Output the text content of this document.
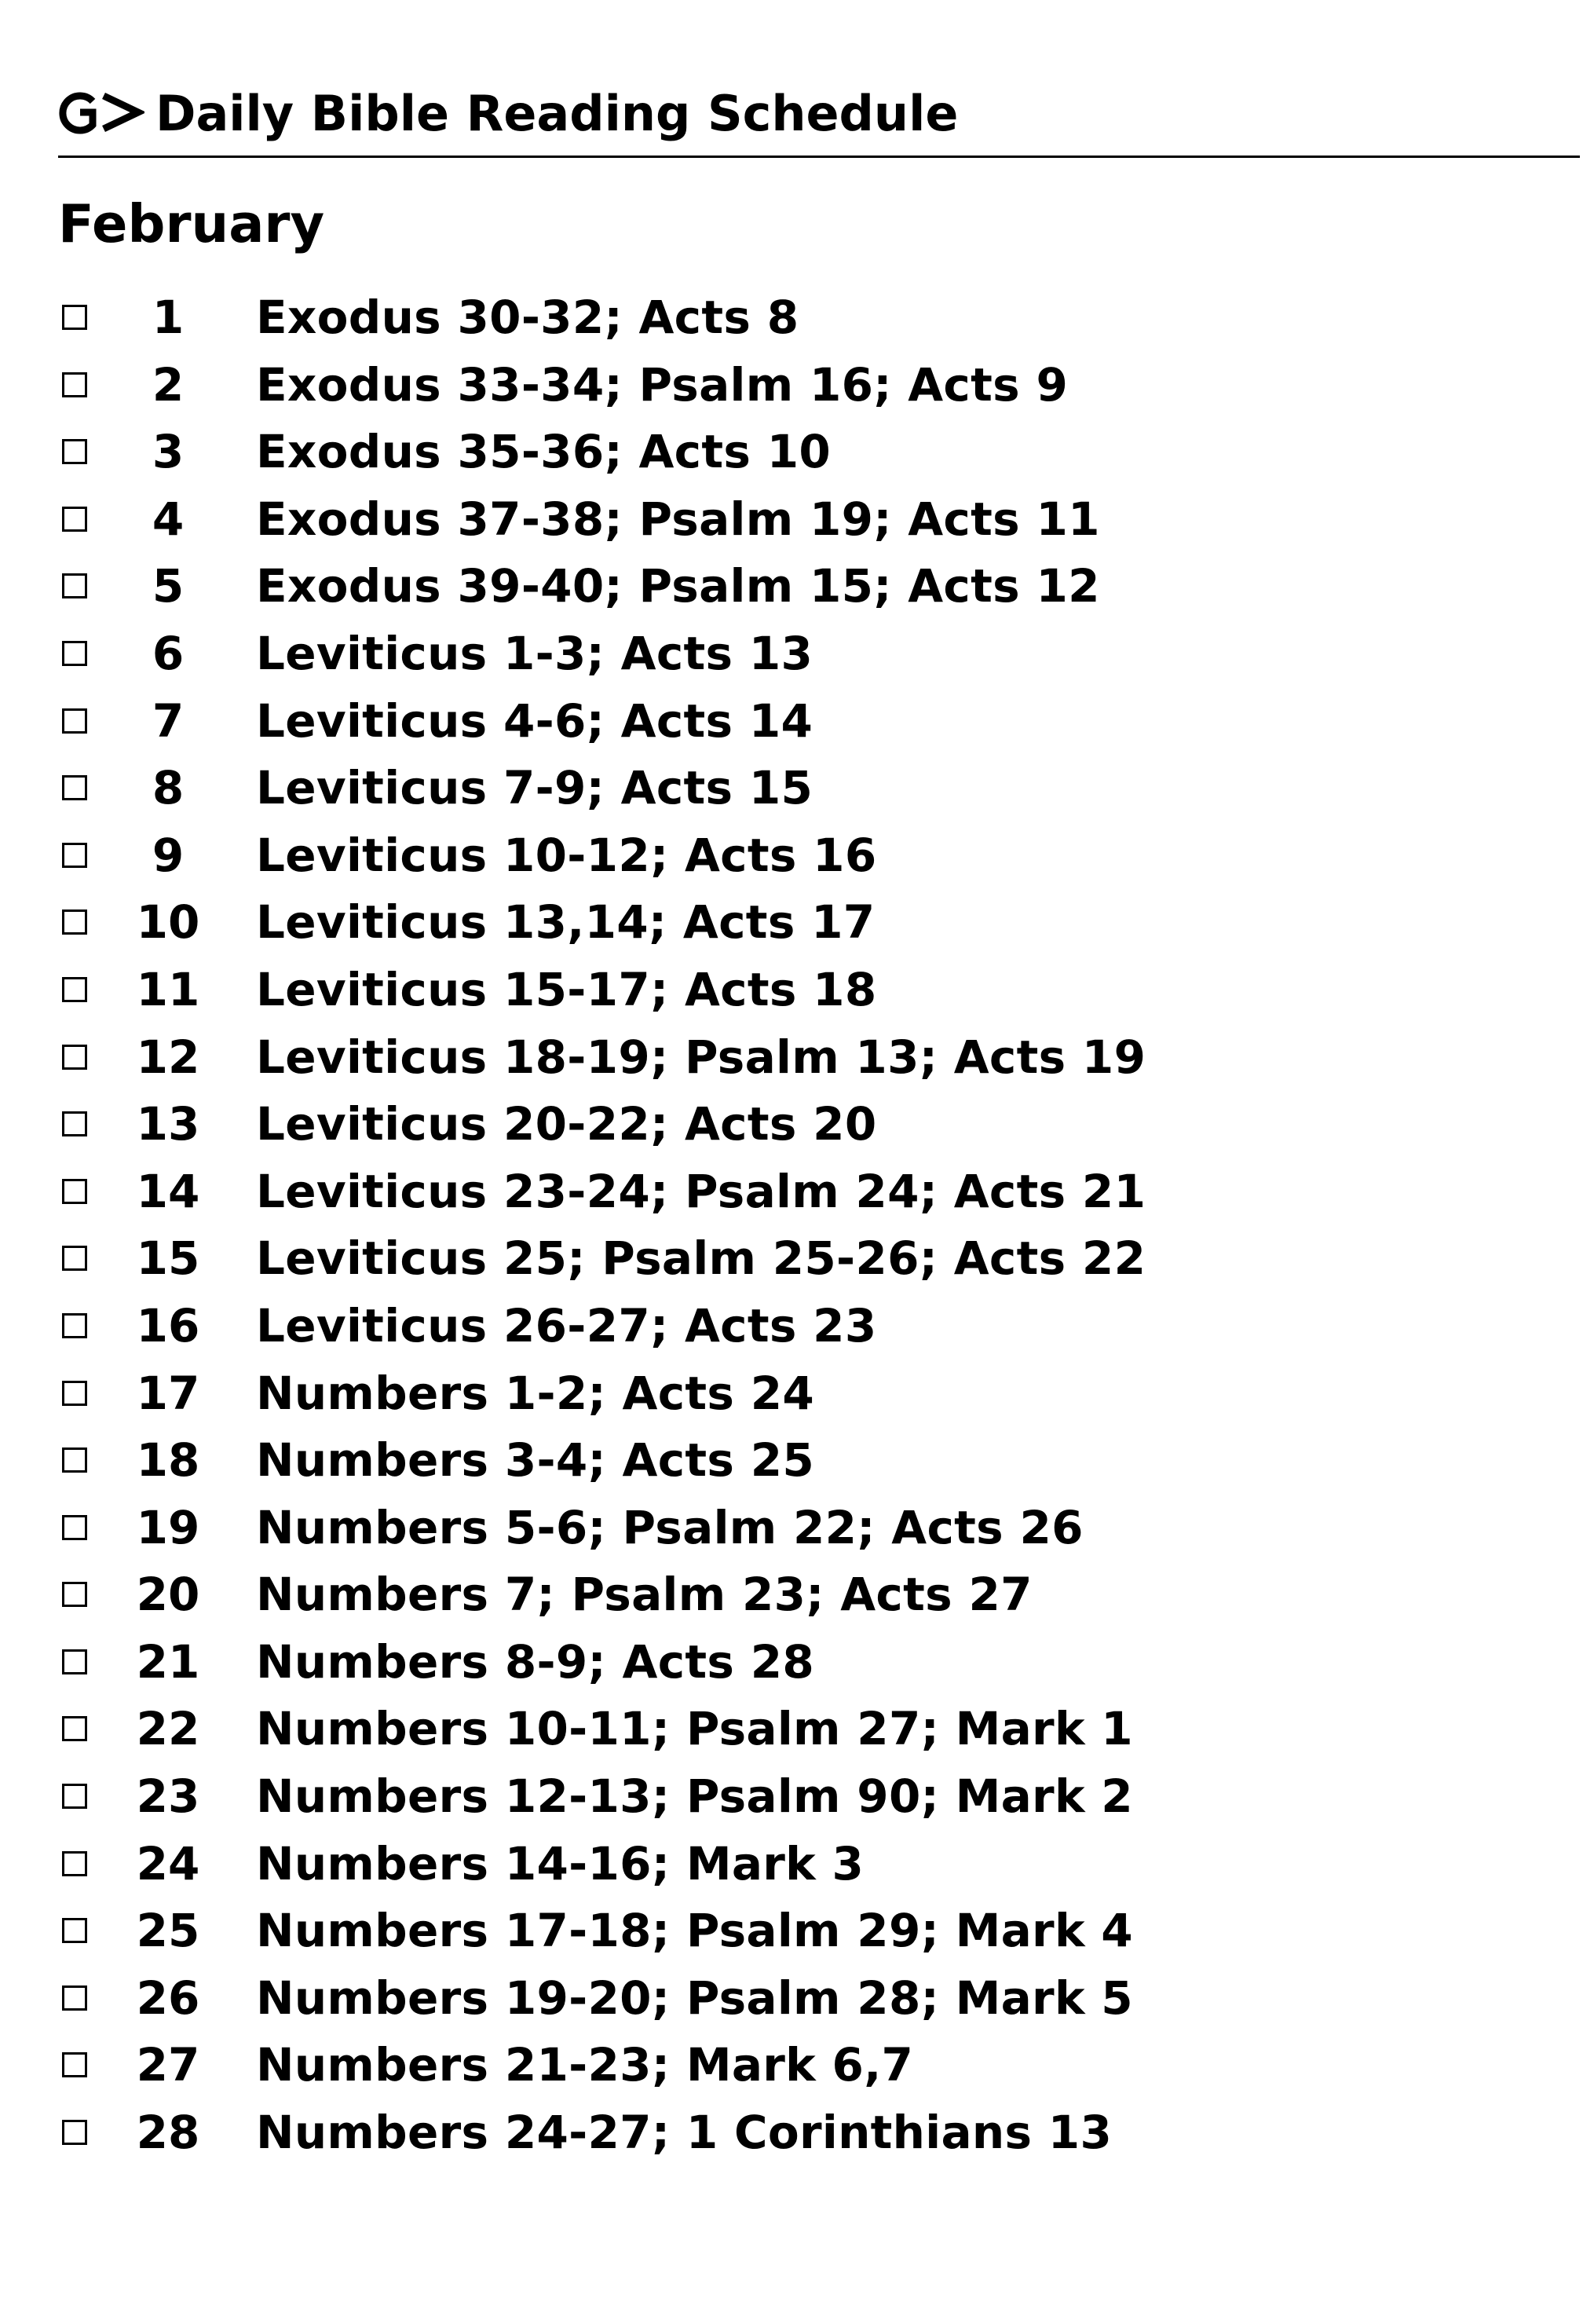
Daily Bible Reading Schedule
February
1	Exodus 30-32; Acts 8
2	Exodus 33-34; Psalm 16; Acts 9
3	Exodus 35-36; Acts 10
4	Exodus 37-38; Psalm 19; Acts 11
5	Exodus 39-40; Psalm 15; Acts 12
6	Leviticus 1-3; Acts 13
7	Leviticus 4-6; Acts 14
8	Leviticus 7-9; Acts 15
9	Leviticus 10-12; Acts 16
10	Leviticus 13,14; Acts 17
11	Leviticus 15-17; Acts 18
12	Leviticus 18-19; Psalm 13; Acts 19
13	Leviticus 20-22; Acts 20
14	Leviticus 23-24; Psalm 24; Acts 21
15	Leviticus 25; Psalm 25-26; Acts 22
16	Leviticus 26-27; Acts 23
17	Numbers 1-2; Acts 24
18	Numbers 3-4; Acts 25
19	Numbers 5-6; Psalm 22; Acts 26
20	Numbers 7; Psalm 23; Acts 27
21	Numbers 8-9; Acts 28
22	Numbers 10-11; Psalm 27; Mark 1
23	Numbers 12-13; Psalm 90; Mark 2
24	Numbers 14-16; Mark 3
25	Numbers 17-18; Psalm 29; Mark 4
26	Numbers 19-20; Psalm 28; Mark 5
27	Numbers 21-23; Mark 6,7
28	Numbers 24-27; 1 Corinthians 13
